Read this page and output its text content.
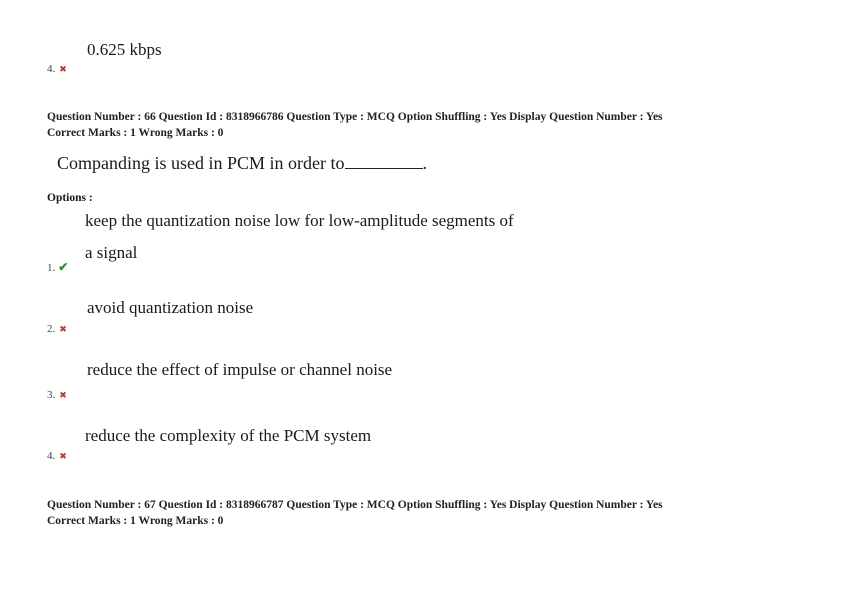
0.625 kbps
4. ✖
Question Number : 66 Question Id : 8318966786 Question Type : MCQ Option Shuffling : Yes Display Question Number : Yes
Correct Marks : 1 Wrong Marks : 0
Companding is used in PCM in order to	.
Options :
keep the quantization noise low for low-amplitude segments of
a signal
1. ✔
avoid quantization noise
2. ✖
reduce the effect of impulse or channel noise
3. ✖
reduce the complexity of the PCM system
4. ✖
Question Number : 67 Question Id : 8318966787 Question Type : MCQ Option Shuffling : Yes Display Question Number : Yes
Correct Marks : 1 Wrong Marks : 0
